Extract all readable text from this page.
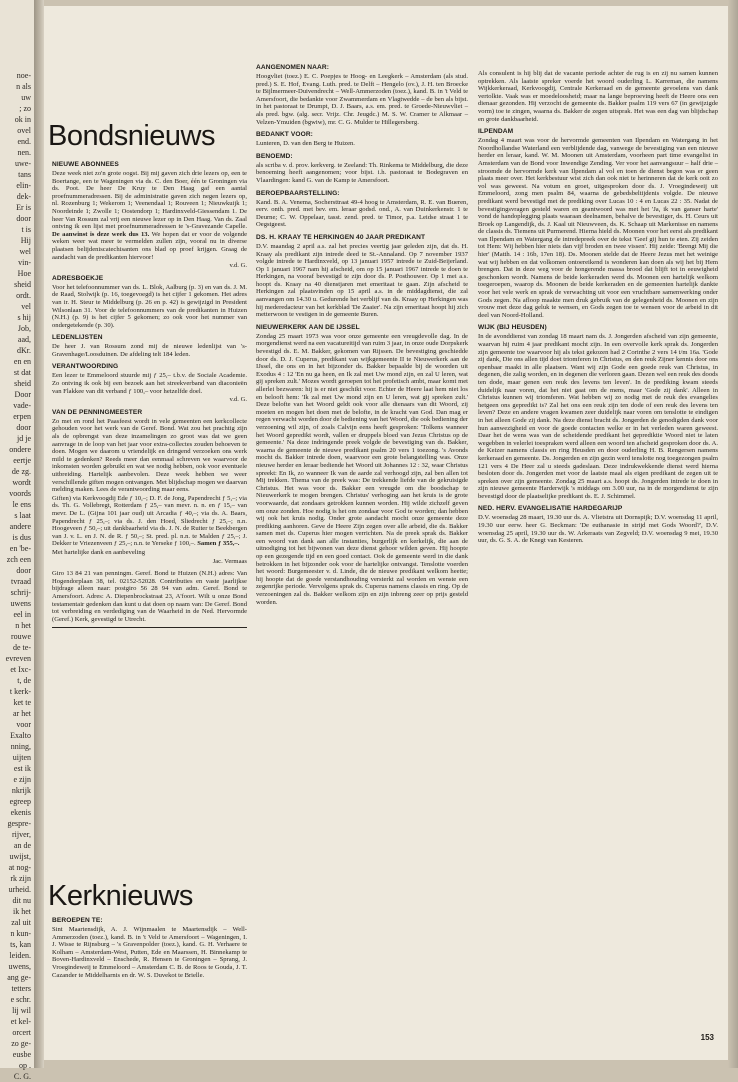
noe-
n als
uw
; zo
ok in
ovel
end.
nen.
uwe-
tans
elin-
dek-
Er is
door
t is
Hij
wel
vin-
Hoe
sheid
ordt.
vel
s hij
Job,
aad,
dKr.
en en
st dat
sheid
Door
vade-
erpen
door
jd je
ondere
eertje
de zg.
wordt
voords
le ens
s laat
andere
is dus
en 'be-
zch een
door
tvraad
schrij-
uwens
eel in
n het
rouwe
de te-
evreven
et Ixc-
t, de
t kerk-
ket te
ar het
voor
Exalto
nning,
uijten
est ik
e zijn
nkrijk
egreep
ekenis
gespre-
rijver,
an de
uwijst,
at nog-
rk zijn
urheid.
dit nu
ik het
zal uit
n kun-
ts, kan
leiden.
uwens,
ang ge-
tetters
e schr.
lij wil
et kel-
orcert
zo ge-
eusbe
op .
C. G.
Bondsnieuws
NIEUWE ABONNEES

Deze week niet zo'n grote oogst. Bij mij gaven zich drie lezers op, een te Boertange, een te Wageningen via ds. C. den Boer, één te Groningen via ds. Poot. De heer De Kruy te Den Haag gaf een aantal proefnummeradressen. Bij de administratie gaven zich negen lezers op, nl. Rozenburg 1; Wekerom 1; Veenendaal 1; Rouveen 1; Nieuwkuijk 1; Noordeinde 1; Zwolle 1; Oostendorp 1; Hardinxveld-Giessendam 1. De heer Van Rossum zal vrij een nieuwe lezer op in Den Haag. Van ds. Zaal ontving ik een lijst met proefnummeradressen te 's-Gravezande Capelle. De aanwinst is deze week dus 13. We hopen dat er voor de volgende weken weer wat meer te vermelden zullen zijn, vooral nu in diverse plaatsen belijdeniscatechisanten ons blad op proef krijgen. Graag de aandacht van de predikanten hiervoor!

v.d. G.
ADRESBOEKJE

Voor het telefoonnummer van ds. L. Blok, Aalburg (p. 3) en van ds. J. M. de Raad, Stolwijk (p. 16, toegevoegd) is het cijfer 1 gekomen. Het adres van ir. H. Steur te Middelburg (p. 26 en p. 42) is gewijzigd in President Wilsonlaan 31. Voor de telefoonnummers van de predikanten in Huizen (N.H.) (p. 9) is het cijfer 5 gekomen; zo ook voor het nummer van ondergetekende (p. 30).

LEDENLIJSTEN

De heer J. van Rossum zond mij de nieuwe ledenlijst van 's-Gravenhage/Loosduinen. De afdeling telt 184 leden.

VERANTWOORDING

Een lezer te Emmeloord stuurde mij ƒ 25,– t.b.v. de Sociale Academie. Zo ontving ik ook bij een bezoek aan het streekverband van diaconieën van Flakkee van dit verband ƒ 100,– voor hetzelfde doel.

v.d. G.
VAN DE PENNINGMEESTER

Zo met en rond het Paasfeest wordt in vele gemeenten een kerkcollecte gehouden voor het werk van de Geref. Bond. Wat zou het prachtig zijn als de opbrengst van deze inzamelingen zo groot was dat we geen aanvrage in de loop van het jaar voor extra-collectes zouden behoeven te doen. Mogen we daarom u vriendelijk en dringend verzoeken ons werk mild te gedenken? Reeds meer dan eenmaal schreven we waarvoor de inkomsten worden gebruikt en wat we nodig hebben, ook voor eventuele uitbreiding. Hartelijk aanbevolen. Deze week hebben we weer verschillende giften mogen ontvangen. Met blijdschap mogen we daarvan melding maken. Lees de verantwoording maar eens.

Giften) via Kerkvoogdij Ede ƒ 10,–; D. F. de Jong, Papendrecht ƒ 5,–; via ds. Th. G. Vollebregt, Rotterdam ƒ 25,– van mevr. n. n. en ƒ 15,– van mevr. De L. (Gijna 101 jaar oud) uit Arcadia ƒ 40,–; via ds. A. Baars, Papendrecht ƒ 25,–; via ds. J. den Hoed, Sliedrecht ƒ 25,–; n.n. Hoogeveen ƒ 50,–; uit dankbaarheid via ds. J. N. de Ruiter te Beekbergen van J. v. L. en J. N. de R. ƒ 50,–; St. pred. pl. n.n. te Malden ƒ 25,–; J. Dekker te Vriezenveen ƒ 25,–; n.n. te Yerseke ƒ 100,–. Samen ƒ 355,–.

Met hartelijke dank en aanbeveling

Jac. Vermaas

Giro 13 84 21 van penningm. Geref. Bond te Huizen (N.H.) adres: Van Hogendorplaan 38, tel. 02152-52028. Contributies en vaste jaarlijkse bijdrage alleen naar: postgiro 56 28 94 van adm. Geref. Bond te Amersfoort. Adres: A. Diepenbrockstraat 23, A'foort. Wilt u onze Bond testamentair gedenken dan kunt u dat doen op naam van: De Geref. Bond tot verbreiding en verdediging van de Waarheid in de Ned. Hervormde (Geref.) Kerk, gevestigd te Utrecht.

Kerknieuws
BEROEPEN TE:

Sint Maartensdijk, A. J. Wijnmaalen te Maartensdijk – Well-Ammerzoden (toez.), kand. B. in 't Veld te Amersfoort – Wageningen, I. J. Wisse te Rijnsburg – 's Gravenpolder (toez.), kand. G. H. Verhaere te Kolham – Amsterdam-West, Putten, Ede en Maarssen, H. Binnekamp te Boven-Hardinxveld – Enschede, R. Hensen te Groningen – Sprang, J. Vroegindeweij te Emmeloord – Amsterdam C. B. de Roos te Gouda, J. T. Cazander te Middelharnis en dr. W. S. Duvekot te Brielle.

AANGENOMEN NAAR:

Hoogvliet (toez.) E. C. Poepjes te Hoog- en Leegkerk – Amsterdam (als stud. pred.) S. E. Hof, Evang. Luth. pred. te Delft – Hengelo (ov.), J. H. ten Broecke te Bijlmermeer-Duivendrecht – Well-Ammerzoden (toez.), kand. B. in 't Veld te Amersfoort, die bedankte voor Zwammerdam en Vlagtwedde – de ben als bijst. in het pastoraat te Drumpt, D. J. Baars, a.s. em. pred. te Groede-Nieuwvliet – als pred. bgw. (alg. secr. Vrijz. Chr. Jeugdc.) M. S. W. Cramer te Alkmaar – Velzen-Ymuiden (bgwiw), mr. C. G. Mulder te Hillegersberg.

BEDANKT VOOR:

Lunteren, D. van den Berg te Huizen.

BENOEMD:

als scriba v. d. prov. kerkverg. te Zeeland: Th. Rinkema te Middelburg, die deze benoeming heeft aangenomen; voor bijst. i.h. pastoraat te Bodegraven en Vlaardingen: kand G. van de Kamp te Amersfoort.

BEROEPBAARSTELLING:

Kand. B. A. Venema, Sochersttraat 49-4 hoog te Amsterdam, R. E. van Bueren, eerv. onth. pred. met bev. em. leraar godsd. ond., A. van Duinkerkenstr. 1 te Deurne; C. W. Oppelaar, tasst. zend. pred. te Timor, p.a. Leidse straat 1 te Oegstgeest.

DS. H. KRAAY TE HERKINGEN 40 JAAR PREDIKANT

D.V. maandag 2 april a.s. zal het precies veertig jaar geleden zijn, dat ds. H. Kraay als predikant zijn intrede deed te St.-Annaland. Op 7 november 1937 volgde intrede te Hardinxveld, op 13 januari 1957 intrede te Zuid-Beijerland. Op 1 januari 1967 nam hij afscheid, om op 15 januari 1967 intrede te doen te Herkingen, na vooraf bevestigd te zijn door ds. P. Posthouwer. Op 1 mei a.s. hoopt ds. Kraay na 40 dienstjaren met emeritaat te gaan. Zijn afscheid te Herkingen zal plaatsvinden op 15 april a.s. in de middagdienst, die zal aanvangen om 14.30 u. Gedurende het verblijf van ds. Kraay op Herkingen was hij mederedacteur van het kerkblad 'De Zaaier'. Na zijn emeritaat hoopt hij zich metterwoon te vestigen in de gemeente Buren.

NIEUWERKERK AAN DE IJSSEL

Zondag 25 maart 1973 was voor onze gemeente een vreugdevolle dag. In de morgendienst werd na een vacatureitijd van ruim 3 jaar, in onze oude Dorpskerk bevestigd ds. E. M. Bakker, gekomen van Rijssen. De bevestiging geschiedde door ds. D. J. Cuperus, predikant van wijkgemeente II te Nieuwerkerk aan de IJssel, die ons en in het bijzonder ds. Bakker bepaalde bij de woorden uit Exodus 4 : 12 'En nu ga heen, en Ik zal met Uw mond zijn, en zal U leren, wat gij spreken zult.' Mozes wordt geroepen tot het profetisch ambt, maar komt met allerlei bezwaren: hij is er niet geschikt voor. Echter de Heere laat hem niet los en belooft hem: 'Ik zal met Uw mond zijn en U leren, wat gij spreken zult.' Deze belofte van het Woord geldt ook voor alle dienaars van dit Woord, zij moeten en mogen het doen met de belofte, in de kracht van God. Dan mag er regen verwacht worden door de bediening van het Woord, die ook bediening der verzoening wil zijn, of zoals Calvijn eens heeft gesproken: 'Tolkens wanneer het Woord gepredikt wordt, vallen er druppels bloed van Jezus Christus op de gemeente.' Na deze indringende preek volgde de bevestiging van ds. Bakker, waarna de gemeente de nieuwe predikant psalm 20 vers 1 toezong. 's Avonds mocht ds. Bakker intrede doen, waarvoor een grote belangstelling was. Onze nieuwe herder en leraar bediende het Woord uit Johannes 12 : 32, waar Christus spreekt: En Ik, zo wanneer Ik van de aarde zal verhoogd zijn, zal ben allen tot Mij trekken. Thema van de preek was: De trekkende liefde van de gekruisigde Christus. Het was voor ds. Bakker een vreugde om die boodschap te Nieuwerkerk te mogen brengen. Christus' verhoging aan het kruis is de grote voorwaarde, dat zondaars getrokken kunnen worden. Hij wilde zichzelf geven om onze zonden. Hoe nodig is het om zondaar voor God te worden; dan hebben wij ook het kruis nodig. Onder grote aandacht mocht onze gemeente deze prediking aanhoren. Geve de Heere Zijn zegen over alle arbeid, die ds. Bakker samen met ds. Cuperus hier mogen verrichten. Na de preek sprak ds. Bakker een woord van dank aan alle instanties, burgerlijk en kerkelijk, die aan de uitnodiging tot het bijwonen van deze dienst gehoor wilden geven. Hij hoopte op een gezegende tijd en een goed contact. Ook de gemeente werd in die dank betrokken in het bijzonder ook voor de hartelijke ontvangst. Tenslotte voerden het woord: Burgemeester v. d. Linde, die de nieuwe predikant welkom heette; hij hoopte dat de goede verstandhouding versterkt zal worden en wenste een zegenrijke periode. Vervolgens sprak ds. Cuperus namens classis en ring. Op de verzoeningen zal ds. Bakker welkom zijn en zijn inbreng zeer op prijs gesteld worden.

Als consulent is hij blij dat de vacante periode achter de rug is en zij nu samen kunnen optrekken. Als laatste spreker voerde het woord ouderling L. Karreman, die namens Wijkkerkeraad, Kerkvoogdij, Centrale Kerkeraad en de gemeente gevoelens van dank vertolkte. Vaak was er moedeloosheid; maar na lange beproeving heeft de Heere ons een dienaar gezonden. Hij verzocht de gemeente ds. Bakker psalm 119 vers 67 (in gewijzigde vorm) toe te zingen, waarna ds. Bakker de zegen uitsprak. Het was een dag van blijdschap en grote dankbaarheid.

ILPENDAM

Zondag 4 maart was voor de hervormde gemeenten van Ilpendam en Watergang in het Noordhollandse Waterland een verblijdende dag, vanwege de bevestiging van een nieuwe herder en leraar, kand. W. M. Moonen uit Amsterdam, voorheen part time evangelist in Amsterdam van de Bond voor Inwendige Zending. Ver voor het aanvangsuur – half drie – stroomde de hervormde kerk van Ilpendam al vol en toen de dienst begon was er geen plaats meer over. Het kerkbestuur wist zich dan ook niet te herinneren dat de kerk ooit zo vol was geweest. Na votum en groet, uitgesproken door ds. J. Vroegindeweij uit Emmeloord, zong men psalm 84, waarna de gebedsbeltijdenis volgde. De nieuwe predikant werd bevestigd met de prediking over Lucas 10 : 4 en Lucas 22 : 35. Nadat de bevestigingsvragen gesteld waren en geantwoord was met het 'Ja, ik van ganser harte' vond de handoplegging plaats waaraan deelnamen, behalve de bevestiger, ds. H. Ceurs uit Broek op Langendijk, ds. J. Kaal uit Nieuwveen, ds. K. Schaap uit Markenisse en namens de classis ds. Tiemens uit Purmerend. Hierna hield ds. Moonen voor het eerst als predikant van Ilpendam en Watergang de intredepreek over de tekst 'Geef gij hun te eten. Zij zeiden tot Hem: Wij hebben hier niets dan vijf broden en twee vissen'. Hij zeide: 'Brengt Mij die hier' (Matth. 14 : 16b, 17en 18). Ds. Moonen stelde dat de Heere Jezus met het weinige wat wij hebben en dat volkomen ontoereikend is wonderen kan doen als wij het bij Hem brengen. Dat in deze weg voor de hongerende massa brood dat blijft tot in eeuwigheid geschonken wordt. Namens de beide kerkeraden werd ds. Moonen een hartelijk welkom toegeroepen, waarop ds. Moonen de beide kerkeraden en de gemeenten hartelijk dankte voor het vele werk en sprak de verwachting uit voor een vruchtbare samenwerking onder Gods zegen. Na afloop maakte men druk gebruik van de gelegenheid ds. Moonen en zijn vrouw met deze dag geluk te wensen, en Gods zegen toe te wensen voor de arbeid in dit deel van Noord-Holland.

WIJK (BIJ HEUSDEN)

In de avonddienst van zondag 18 maart nam ds. J. Jongerden afscheid van zijn gemeente, waarvan hij ruim 4 jaar predikant mocht zijn. In een overvolle kerk sprak ds. Jongerden zijn gemeente toe waarvoor hij als tekst gekozen had 2 Corinthe 2 vers 14 t/m 16a. 'Gode zij dank, Die ons allen tijd doet triomferen in Christus, en den reuk Zijner kennis door ons openbaar maakt in alle plaatsen. Want wij zijn Gode een goede reuk van Christus, in degenen, die zalig worden, en in degenen die verloren gaan. Dezen wel een reuk des doods ten dode, maar genen een reuk des levens ten leven'. In de prediking kwam steeds duidelijk naar voren, dat het niet gaat om de mens, maar 'Gode zij dank'. Alleen in Christus kunnen wij triomferen. Wat hebben wij zo nodig met de reuk des evangelies hetgeen ons gepredikt is? Zal het ons een reuk zijn ten dode of een reuk des levens ten leven? Deze en andere vragen kwamen zeer duidelijk naar voren om tenslotte te eindigen in het alleen Gode zij dank. Na deze dienst bracht ds. Jongerden de genodigden dank voor hun aanwezigheid en voor de goede contacten welke er in het verleden waren geweest. Daar het de wens was van de scheidende predikant het geprediktie Woord niet te laten wegebben in velerlei toespraken werd alleen een woord ten afscheid gesproken door ds. A. de Keizer namens classis en ring Heusden en door ouderling H. B. Rengersen namens kerkeraad en gemeente. Ds. Jongerden en zijn gezin werd tenslotte nog toegezongen psalm 121 vers 4 De Heer zal u steeds gadeslaan. Deze indrukwekkende dienst werd hierna besloten door ds. Jongerden met voor de laatste maal als eigen predikant de zegen uit te spreken over zijn gemeente. Zondag 25 maart a.s. hoopt ds. Jongerden intrede te doen in zijn nieuwe gemeente Harderwijk 's middags om 3.00 uur, na in de morgendienst te zijn bevestigd door de plaatselijke predikant ds. E. J. Schimmel.

NED. HERV. EVANGELISATIE HARDEGARIJP

D.V. woensdag 28 maart, 19.30 uur ds. A. Vlietstra uit Dornspijk; D.V. woensdag 11 april, 19.30 uur eerw. heer G. Beckman: 'De euthanasie in strijd met Gods Woord?', D.V. woensdag 25 april, 19.30 uur ds. W. Arkeraats van Zegveld; D.V. woensdag 9 mei, 19.30 uur, ds. G. S. A. de Knegt van Kesteren.

153
